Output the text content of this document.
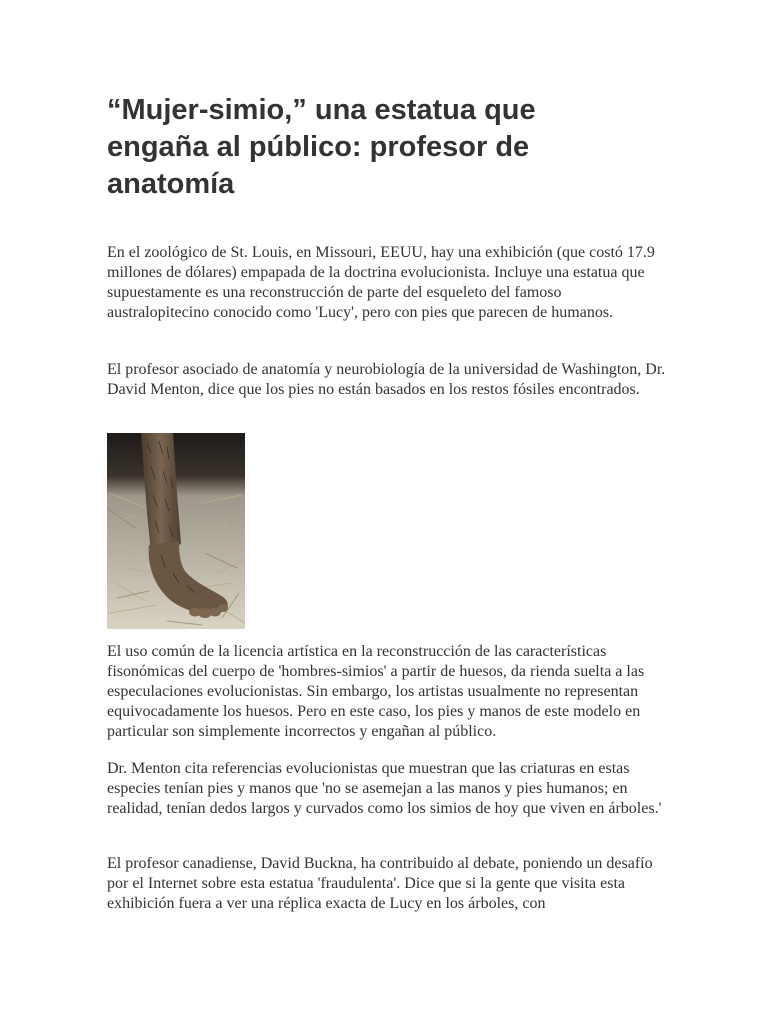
“Mujer-simio,” una estatua que engaña al público: profesor de anatomía

En el zoológico de St. Louis, en Missouri, EEUU, hay una exhibición (que costó 17.9 millones de dólares) empapada de la doctrina evolucionista. Incluye una estatua que supuestamente es una reconstrucción de parte del esqueleto del famoso australopitecino conocido como 'Lucy', pero con pies que parecen de humanos.

El profesor asociado de anatomía y neurobiología de la universidad de Washington, Dr. David Menton, dice que los pies no están basados en los restos fósiles encontrados.

El uso común de la licencia artística en la reconstrucción de las características fisonómicas del cuerpo de 'hombres-simios' a partir de huesos, da rienda suelta a las especulaciones evolucionistas. Sin embargo, los artistas usualmente no representan equivocadamente los huesos. Pero en este caso, los pies y manos de este modelo en particular son simplemente incorrectos y engañan al público.

Dr. Menton cita referencias evolucionistas que muestran que las criaturas en estas especies tenían pies y manos que 'no se asemejan a las manos y pies humanos; en realidad, tenían dedos largos y curvados como los simios de hoy que viven en árboles.'

El profesor canadiense, David Buckna, ha contribuido al debate, poniendo un desafío por el Internet sobre esta estatua 'fraudulenta'. Dice que si la gente que visita esta exhibición fuera a ver una réplica exacta de Lucy en los árboles, con
